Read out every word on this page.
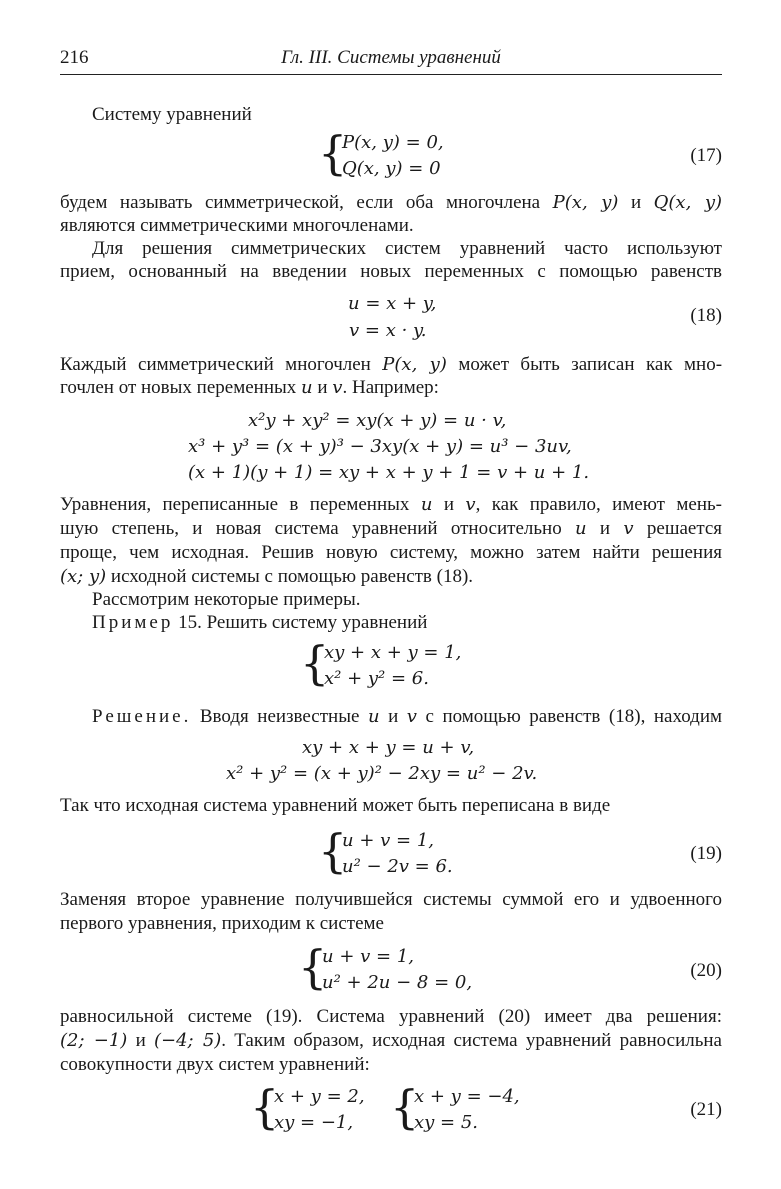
216	Гл. III. Системы уравнений
Систему уравнений
{
P(x, y) = 0,
Q(x, y) = 0
(17)
будем называть симметрической, если оба многочлена P(x, y) и Q(x, y)
являются симметрическими многочленами.
Для решения симметрических систем уравнений часто используют
прием, основанный на введении новых переменных с помощью равенств
u = x + y,
v = x · y.
(18)
Каждый симметрический многочлен P(x, y) может быть записан как мно-
гочлен от новых переменных u и v. Например:
x²y + xy² = xy(x + y) = u · v,
x³ + y³ = (x + y)³ − 3xy(x + y) = u³ − 3uv,
(x + 1)(y + 1) = xy + x + y + 1 = v + u + 1.
Уравнения, переписанные в переменных u и v, как правило, имеют мень-
шую степень, и новая система уравнений относительно u и v решается
проще, чем исходная. Решив новую систему, можно затем найти решения
(x; y) исходной системы с помощью равенств (18).
Рассмотрим некоторые примеры.
Пример 15. Решить систему уравнений
{
xy + x + y = 1,
x² + y² = 6.
Решение. Вводя неизвестные u и v с помощью равенств (18), находим
xy + x + y = u + v,
x² + y² = (x + y)² − 2xy = u² − 2v.
Так что исходная система уравнений может быть переписана в виде
{
u + v = 1,
u² − 2v = 6.
(19)
Заменяя второе уравнение получившейся системы суммой его и удвоенного
первого уравнения, приходим к системе
{
u + v = 1,
u² + 2u − 8 = 0,
(20)
равносильной системе (19). Система уравнений (20) имеет два решения:
(2; −1) и (−4; 5). Таким образом, исходная система уравнений равносильна
совокупности двух систем уравнений:
{
x + y = 2,
xy = −1, {
x + y = −4,
xy = 5.
(21)
